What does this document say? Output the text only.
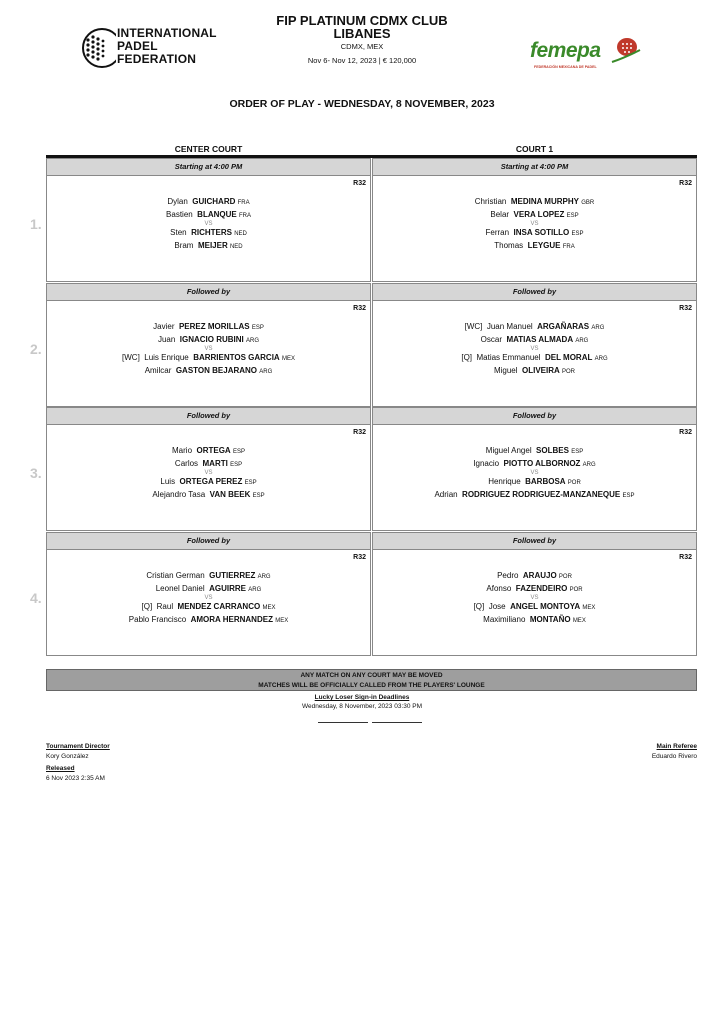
INTERNATIONAL
PADEL
FEDERATION
FIP PLATINUM CDMX CLUB
LIBANES
CDMX, MEX
Nov 6- Nov 12, 2023 | € 120,000	femepa
FEDERACIÓN MEXICANA DE PADEL
ORDER OF PLAY - WEDNESDAY, 8 NOVEMBER, 2023
CENTER COURT	COURT 1
Starting at 4:00 PM
R32
Dylan GUICHARD FRA
Bastien BLANQUE FRA
VS
Sten RICHTERS NED
Bram MEIJER NED
Followed by
R32
Javier PEREZ MORILLAS ESP
Juan IGNACIO RUBINI ARG
VS
[WC] Luis Enrique BARRIENTOS GARCIA MEX
Amilcar GASTON BEJARANO ARG
Followed by
R32
Mario ORTEGA ESP
Carlos MARTI ESP
VS
Luis ORTEGA PEREZ ESP
Alejandro Tasa VAN BEEK ESP
Followed by
R32
Cristian German GUTIERREZ ARG
Leonel Daniel AGUIRRE ARG
VS
[Q] Raul MENDEZ CARRANCO MEX
Pablo Francisco AMORA HERNANDEZ MEX
Starting at 4:00 PM
R32
Christian MEDINA MURPHY GBR
Belar VERA LOPEZ ESP
VS
Ferran INSA SOTILLO ESP
Thomas LEYGUE FRA
Followed by
R32
[WC] Juan Manuel ARGAÑARAS ARG
Oscar MATIAS ALMADA ARG
VS
[Q] Matias Emmanuel DEL MORAL ARG
Miguel OLIVEIRA POR
Followed by
R32
Miguel Angel SOLBES ESP
Ignacio PIOTTO ALBORNOZ ARG
VS
Henrique BARBOSA POR
Adrian RODRIGUEZ RODRIGUEZ-MANZANEQUE ESP
Followed by
R32
Pedro ARAUJO POR
Afonso FAZENDEIRO POR
VS
[Q] Jose ANGEL MONTOYA MEX
Maximiliano MONTAÑO MEX
ANY MATCH ON ANY COURT MAY BE MOVED
MATCHES WILL BE OFFICIALLY CALLED FROM THE PLAYERS' LOUNGE
Lucky Loser Sign-in Deadlines
Wednesday, 8 November, 2023 03:30 PM
Tournament Director
Kory González
Released
6 Nov 2023 2:35 AM
Main Referee
Eduardo Rivero
1.
2.
3.
4.
